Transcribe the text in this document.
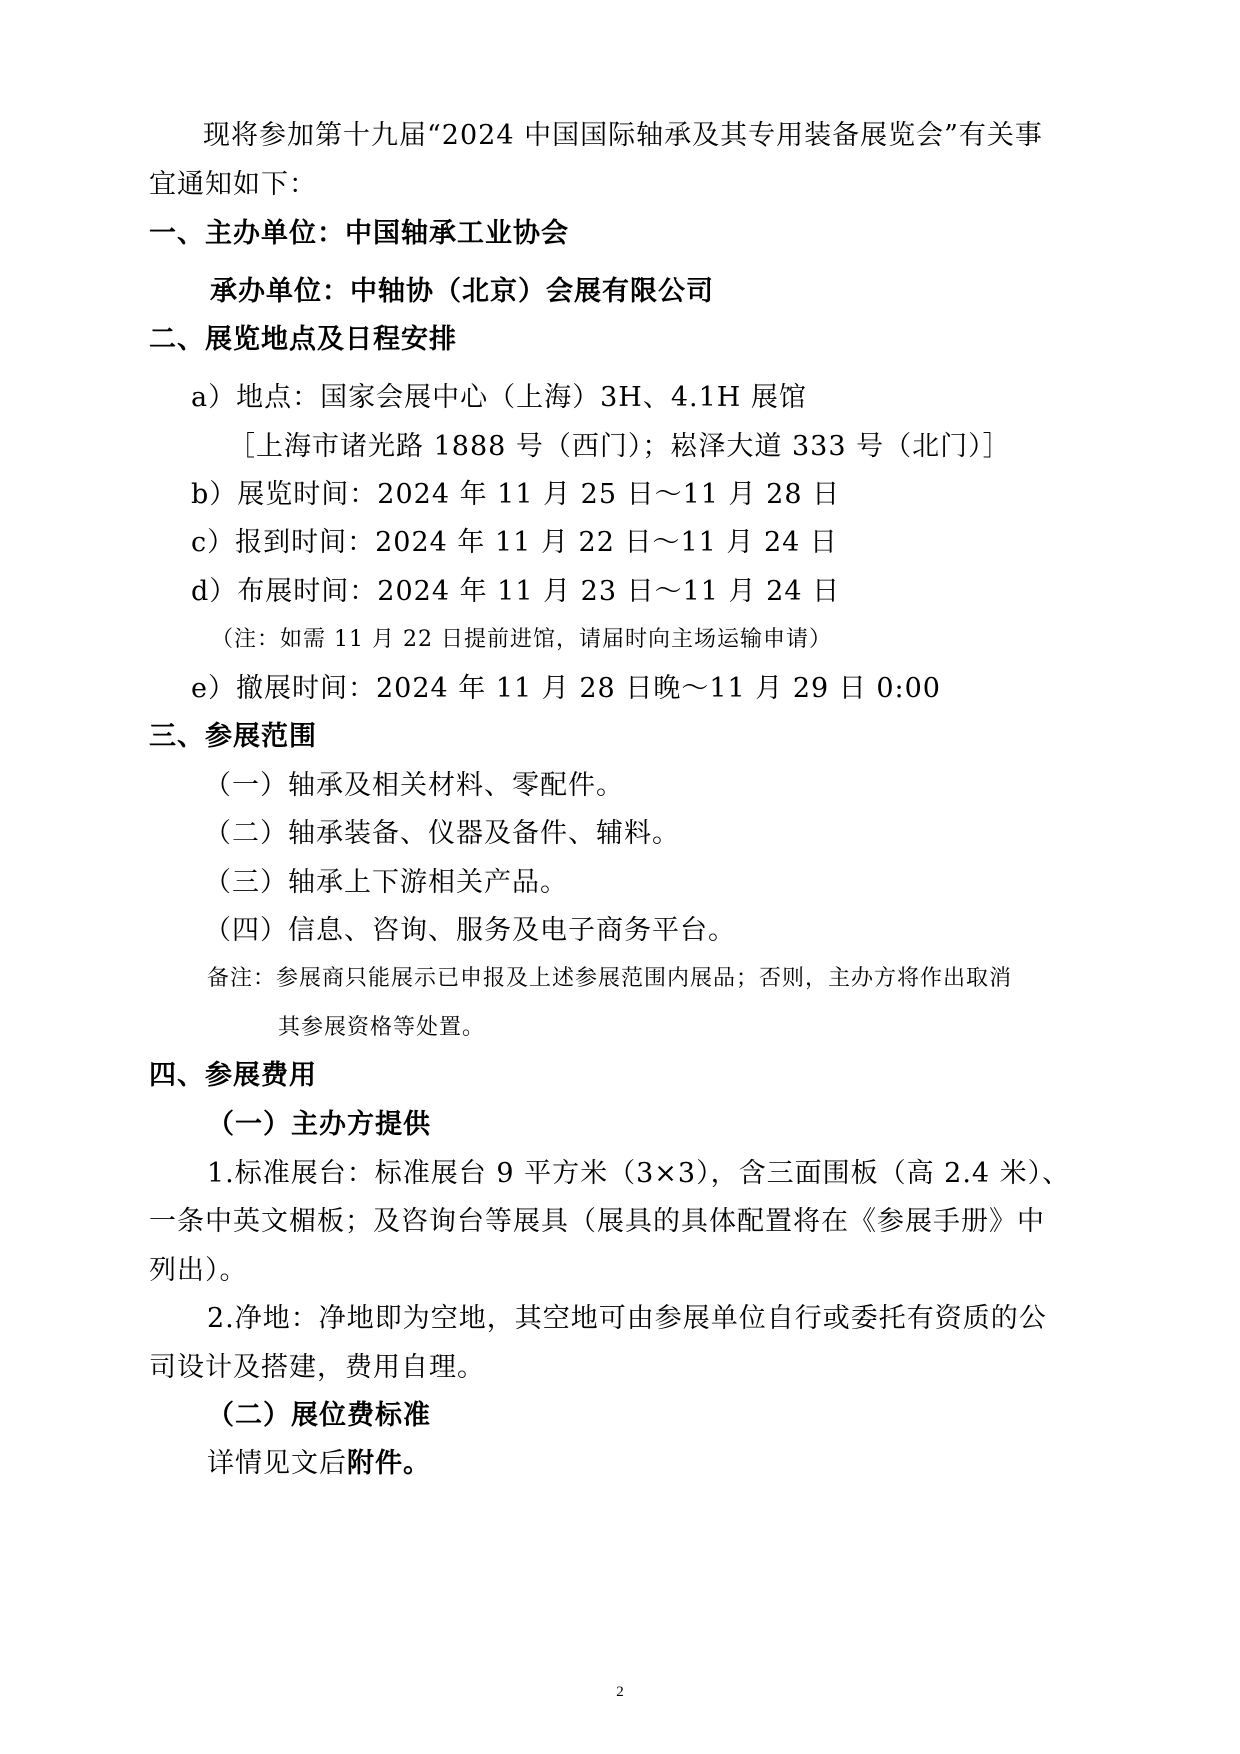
现将参加第十九届“2024 中国国际轴承及其专用装备展览会”有关事
宜通知如下：
一、主办单位：中国轴承工业协会
承办单位：中轴协（北京）会展有限公司
二、展览地点及日程安排
a）地点：国家会展中心（上海）3H、4.1H 展馆
［上海市诸光路 1888 号（西门）；崧泽大道 333 号（北门）］
b）展览时间：2024 年 11 月 25 日～11 月 28 日
c）报到时间：2024 年 11 月 22 日～11 月 24 日
d）布展时间：2024 年 11 月 23 日～11 月 24 日
（注：如需 11 月 22 日提前进馆，请届时向主场运输申请）
e）撤展时间：2024 年 11 月 28 日晚～11 月 29 日 0:00
三、参展范围
（一）轴承及相关材料、零配件。
（二）轴承装备、仪器及备件、辅料。
（三）轴承上下游相关产品。
（四）信息、咨询、服务及电子商务平台。
备注：参展商只能展示已申报及上述参展范围内展品；否则，主办方将作出取消
其参展资格等处置。
四、参展费用
（一）主办方提供
1.标准展台：标准展台 9 平方米（3×3），含三面围板（高 2.4 米）、
一条中英文楣板；及咨询台等展具（展具的具体配置将在《参展手册》中
列出）。
2.净地：净地即为空地，其空地可由参展单位自行或委托有资质的公
司设计及搭建，费用自理。
（二）展位费标准
详情见文后附件。
2
